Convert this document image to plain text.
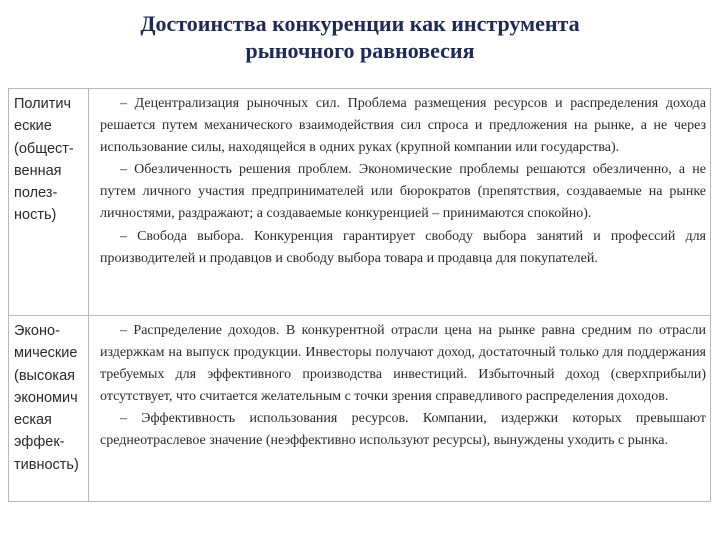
Достоинства конкуренции как инструмента
рыночного равновесия
Политич
еские
(общест-
венная
полез-
ность)

– Децентрализация рыночных сил. Проблема размещения ресурсов и распределения дохода решается путем механического взаимодействия сил спроса и предложения на рынке, а не через использование силы, находящейся в одних руках (крупной компании или государства).

– Обезличенность решения проблем. Экономические проблемы решаются обезличенно, а не путем личного участия предпринимателей или бюрократов (препятствия, создаваемые на рынке личностями, раздражают; а создаваемые конкуренцией – принимаются спокойно).

– Свобода выбора. Конкуренция гарантирует свободу выбора занятий и профессий для производителей и продавцов и свободу выбора товара и продавца для покупателей.

Эконо-
мические
(высокая
экономич
еская
эффек-
тивность)

– Распределение доходов. В конкурентной отрасли цена на рынке равна средним по отрасли издержкам на выпуск продукции. Инвесторы получают доход, достаточный только для поддержания требуемых для эффективного производства инвестиций. Избыточный доход (сверхприбыли) отсутствует, что считается желательным с точки зрения справедливого распределения доходов.

– Эффективность использования ресурсов. Компании, издержки которых превышают среднеотраслевое значение (неэффективно используют ресурсы), вынуждены уходить с рынка.
